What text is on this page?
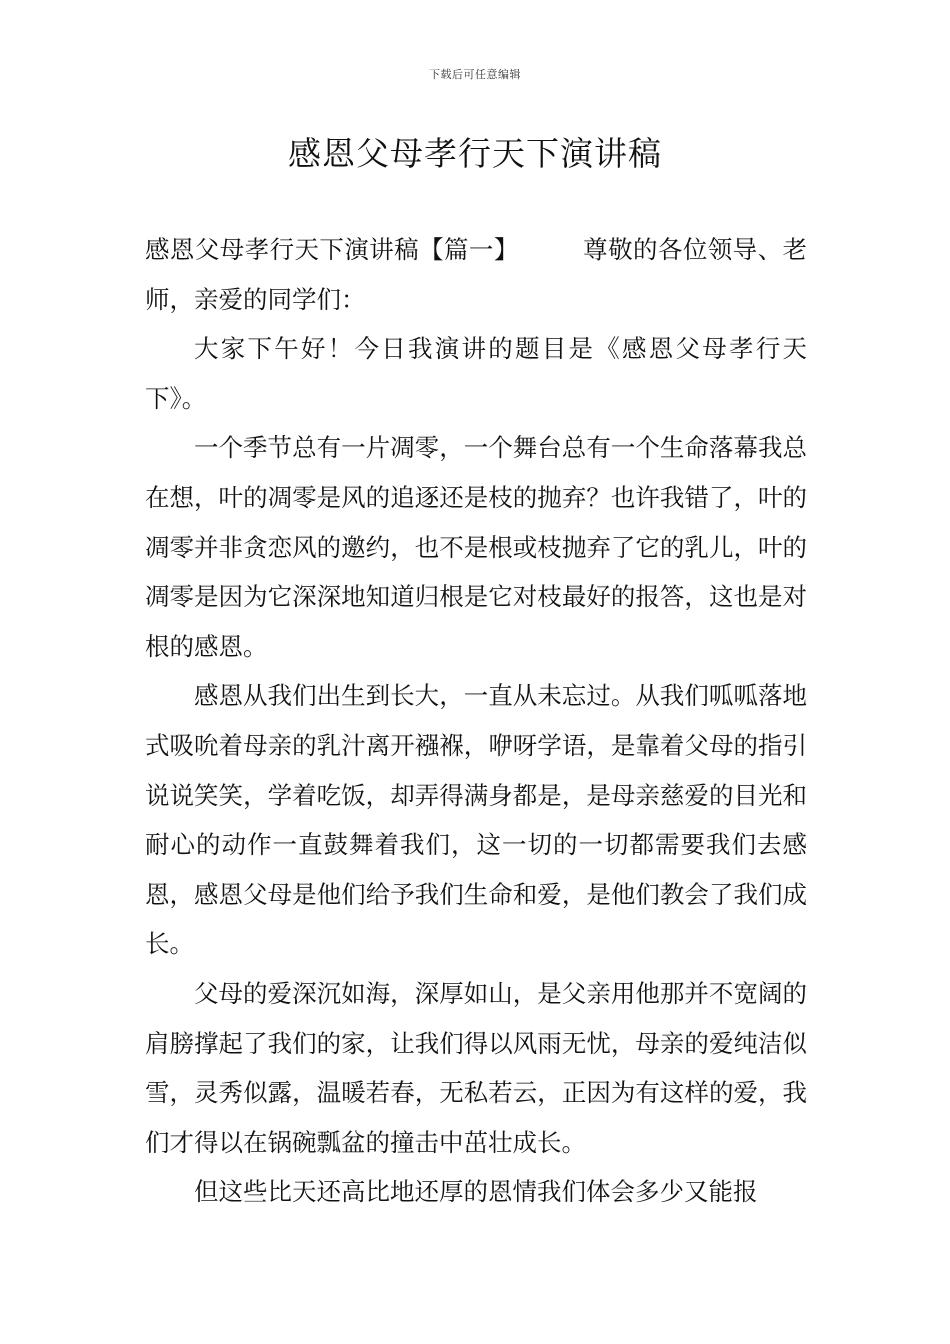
下载后可任意编辑
感恩父母孝行天下演讲稿

感恩父母孝行天下演讲稿【篇一】	尊敬的各位领导、老师，亲爱的同学们：

大家下午好！今日我演讲的题目是《感恩父母孝行天下》。

一个季节总有一片凋零，一个舞台总有一个生命落幕我总在想，叶的凋零是风的追逐还是枝的抛弃？也许我错了，叶的凋零并非贪恋风的邀约，也不是根或枝抛弃了它的乳儿，叶的凋零是因为它深深地知道归根是它对枝最好的报答，这也是对根的感恩。

感恩从我们出生到长大，一直从未忘过。从我们呱呱落地式吸吮着母亲的乳汁离开襁褓，咿呀学语，是靠着父母的指引说说笑笑，学着吃饭，却弄得满身都是，是母亲慈爱的目光和耐心的动作一直鼓舞着我们，这一切的一切都需要我们去感恩，感恩父母是他们给予我们生命和爱，是他们教会了我们成长。

父母的爱深沉如海，深厚如山，是父亲用他那并不宽阔的肩膀撑起了我们的家，让我们得以风雨无忧，母亲的爱纯洁似雪，灵秀似露，温暖若春，无私若云，正因为有这样的爱，我们才得以在锅碗瓢盆的撞击中茁壮成长。

但这些比天还高比地还厚的恩情我们体会多少又能报
